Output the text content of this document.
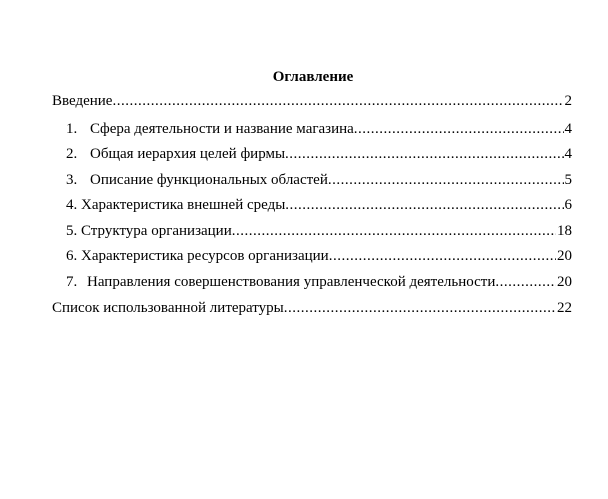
Оглавление
Введение .....	2
1. Сфера деятельности и название магазина .....	4
2. Общая иерархия целей фирмы .....	4
3. Описание функциональных областей .....	5
4. Характеристика внешней среды .....	6
5. Структура организации .....	18
6. Характеристика ресурсов организации .....	20
7. Направления совершенствования управленческой деятельности .....	20
Список использованной литературы .....	22
